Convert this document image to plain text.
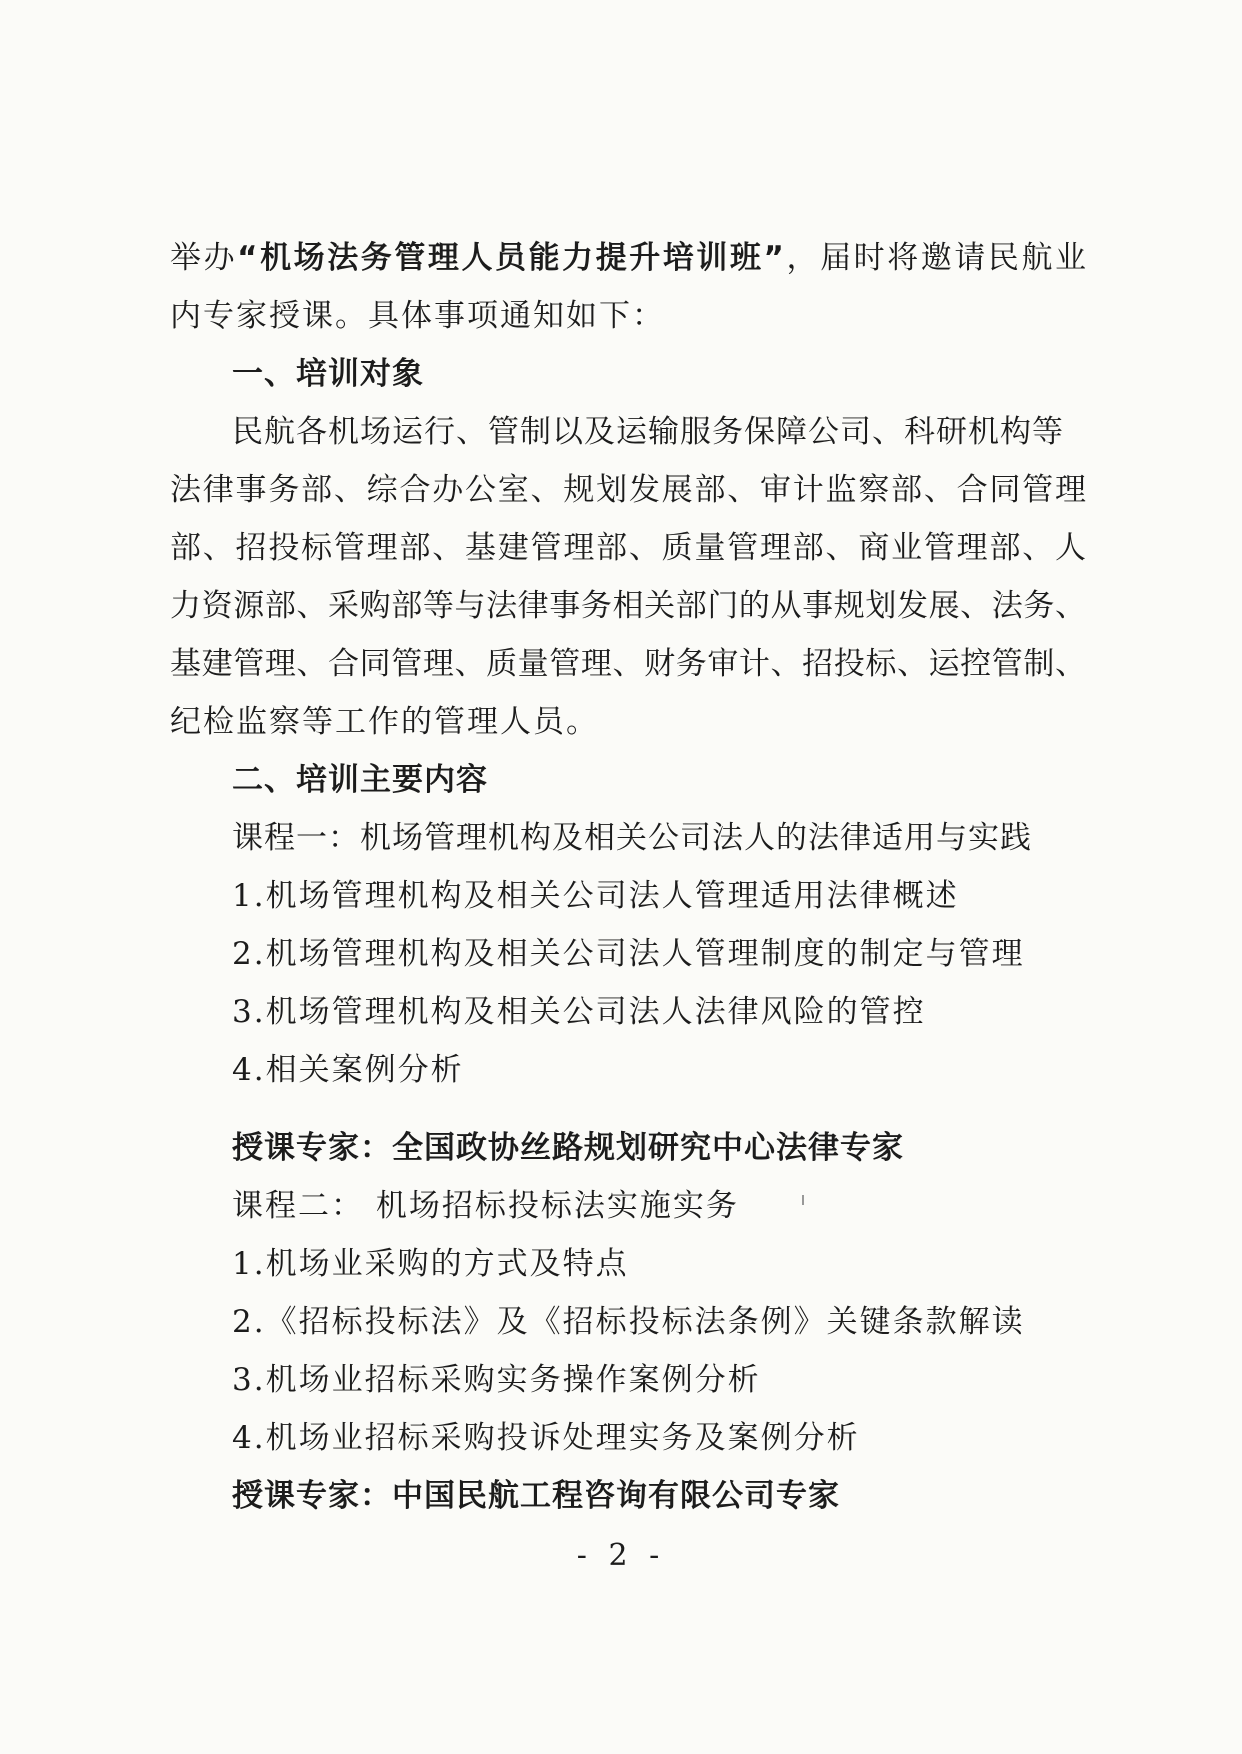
举办“机场法务管理人员能力提升培训班”，届时将邀请民航业
内专家授课。具体事项通知如下：
一、培训对象
民航各机场运行、管制以及运输服务保障公司、科研机构等
法律事务部、综合办公室、规划发展部、审计监察部、合同管理
部、招投标管理部、基建管理部、质量管理部、商业管理部、人
力资源部、采购部等与法律事务相关部门的从事规划发展、法务、
基建管理、合同管理、质量管理、财务审计、招投标、运控管制、
纪检监察等工作的管理人员。
二、培训主要内容
课程一：机场管理机构及相关公司法人的法律适用与实践
1.机场管理机构及相关公司法人管理适用法律概述
2.机场管理机构及相关公司法人管理制度的制定与管理
3.机场管理机构及相关公司法人法律风险的管控
4.相关案例分析
授课专家：全国政协丝路规划研究中心法律专家
课程二： 机场招标投标法实施实务
1.机场业采购的方式及特点
2.《招标投标法》及《招标投标法条例》关键条款解读
3.机场业招标采购实务操作案例分析
4.机场业招标采购投诉处理实务及案例分析
授课专家：中国民航工程咨询有限公司专家
- 2 -
